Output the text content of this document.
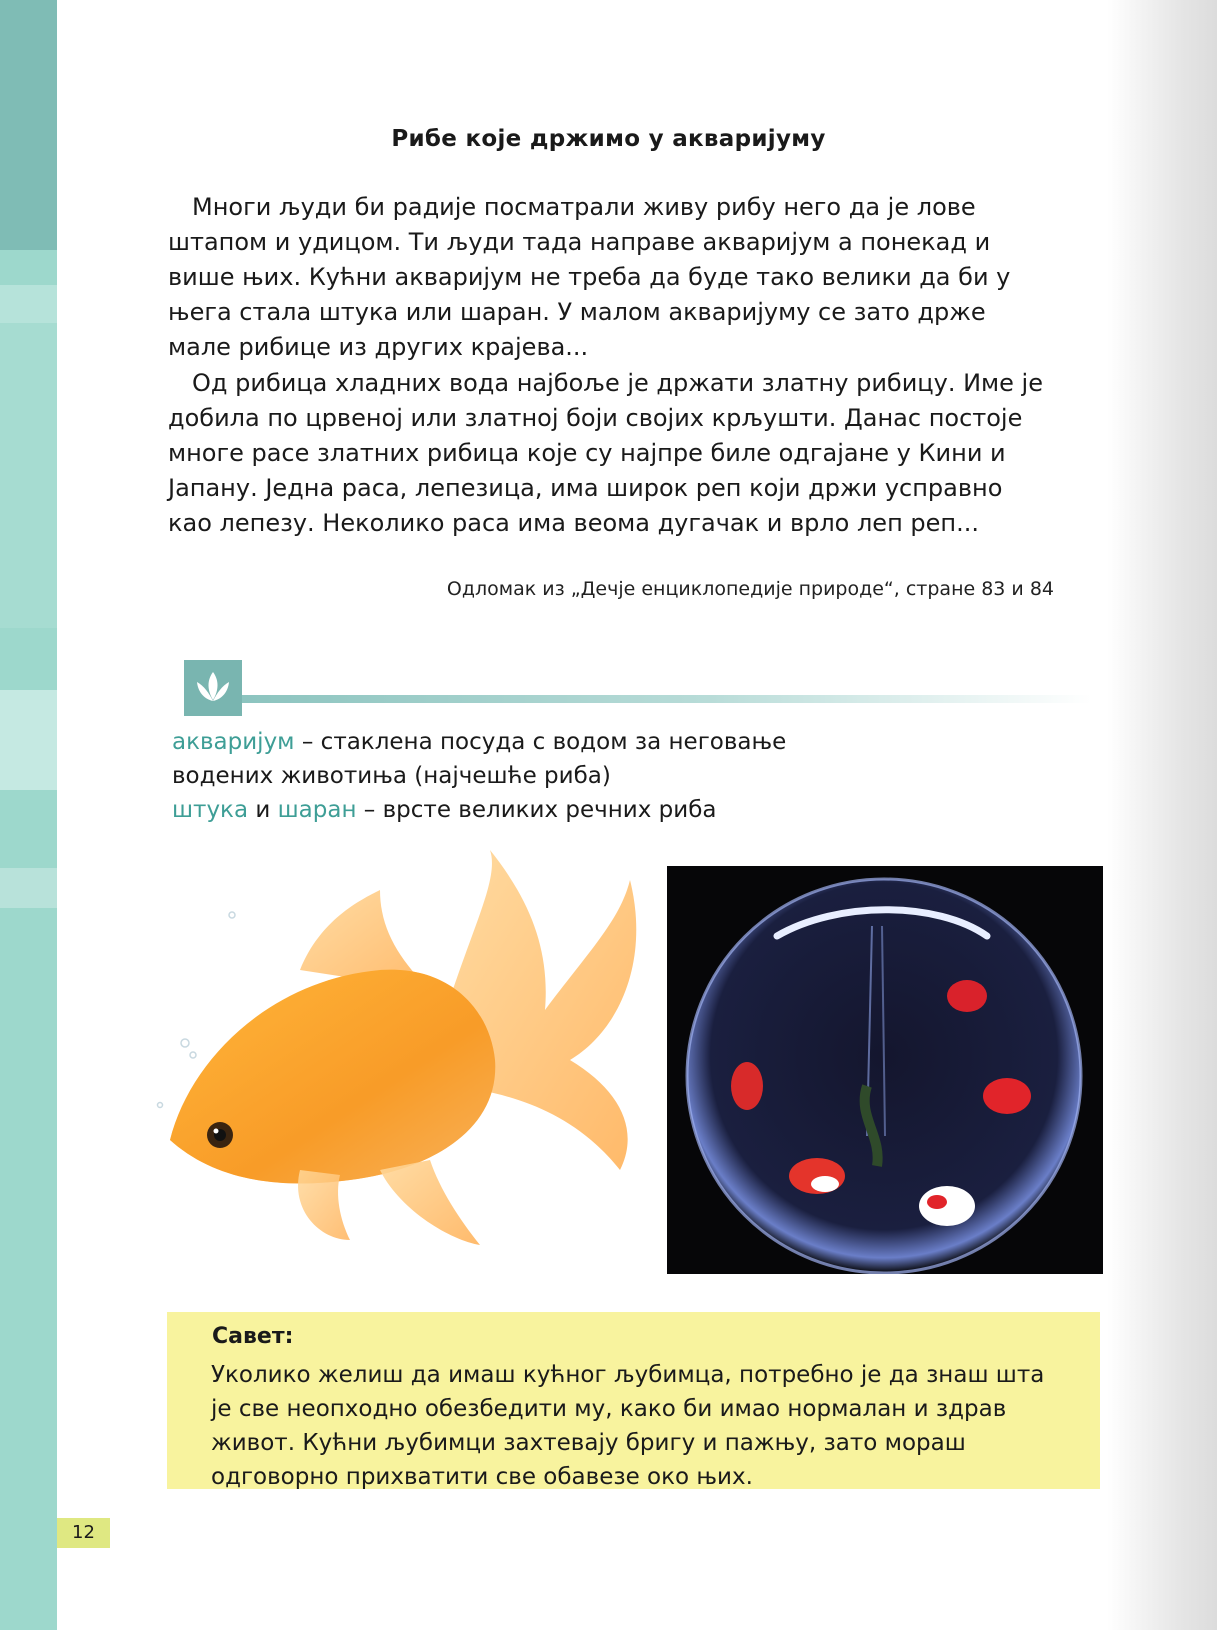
Рибе које држимо у акваријуму

 Многи људи би радије посматрали живу рибу него да је лове штапом и удицом. Ти људи тада направе акваријум а понекад и више њих. Кућни акваријум не треба да буде тако велики да би у њега стала штука или шаран. У малом акваријуму се зато држе мале рибице из других крајева...

 Од рибица хладних вода најбоље је држати златну рибицу. Име је добила по црвеној или златној боји својих крљушти. Данас постоје многе расе златних рибица које су најпре биле одгајане у Кини и Јапану. Једна раса, лепезица, има широк реп који држи усправно као лепезу. Неколико раса има веома дугачак и врло леп реп...

Одломак из „Дечје енциклопедије природе“, стране 83 и 84
акваријум – стаклена посуда с водом за неговање
водених животиња (најчешће риба)
штука и шаран – врсте великих речних риба
Савет:

Уколико желиш да имаш кућног љубимца, потребно је да знаш шта је све неопходно обезбедити му, како би имао нормалан и здрав живот. Кућни љубимци захтевају бригу и пажњу, зато мораш одговорно прихватити све обавезе око њих.

12
